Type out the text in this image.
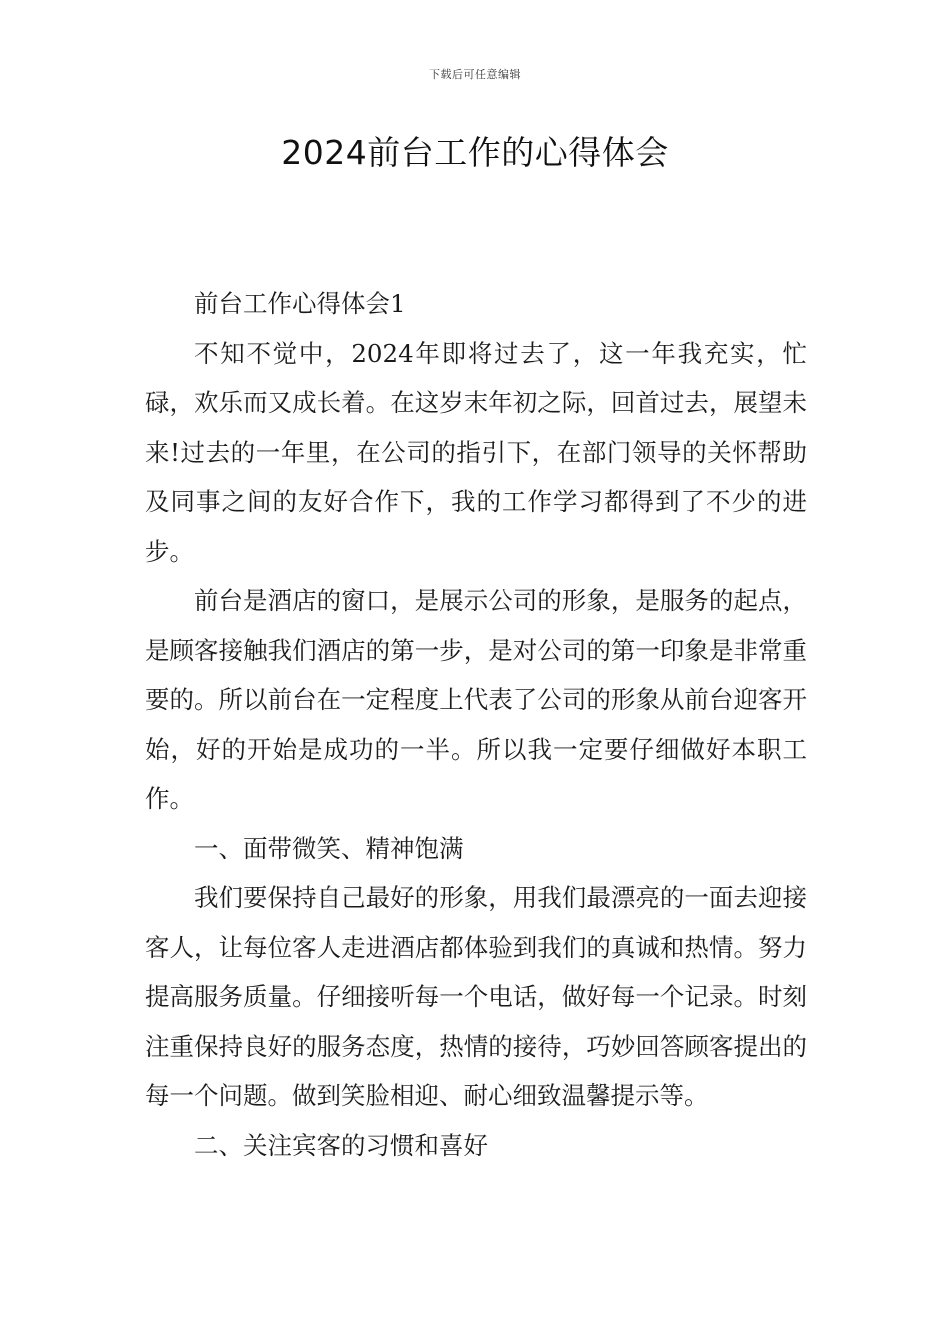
下载后可任意编辑
2024前台工作的心得体会

前台工作心得体会1

不知不觉中，2024年即将过去了，这一年我充实，忙碌，欢乐而又成长着。在这岁末年初之际，回首过去，展望未来!过去的一年里，在公司的指引下，在部门领导的关怀帮助及同事之间的友好合作下，我的工作学习都得到了不少的进步。

前台是酒店的窗口，是展示公司的形象，是服务的起点，是顾客接触我们酒店的第一步，是对公司的第一印象是非常重要的。所以前台在一定程度上代表了公司的形象从前台迎客开始，好的开始是成功的一半。所以我一定要仔细做好本职工作。

一、面带微笑、精神饱满

我们要保持自己最好的形象，用我们最漂亮的一面去迎接客人，让每位客人走进酒店都体验到我们的真诚和热情。努力提高服务质量。仔细接听每一个电话，做好每一个记录。时刻注重保持良好的服务态度，热情的接待，巧妙回答顾客提出的每一个问题。做到笑脸相迎、耐心细致温馨提示等。

二、关注宾客的习惯和喜好
